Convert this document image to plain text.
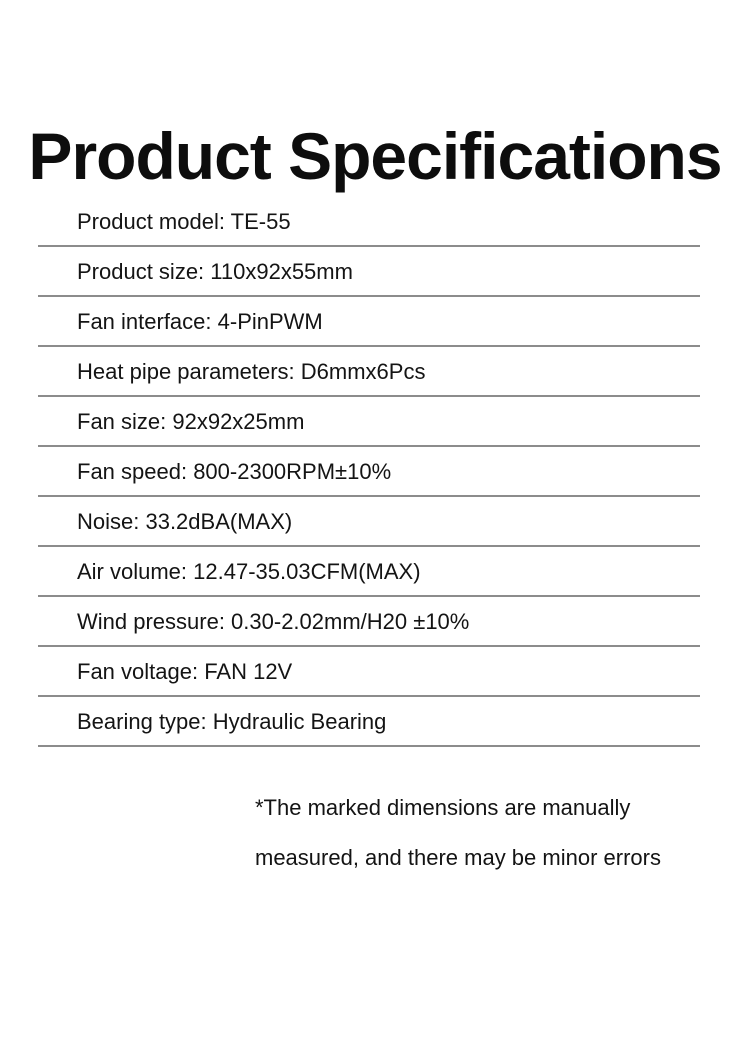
Product Specifications
Product model: TE-55
Product size: 110x92x55mm
Fan interface: 4-PinPWM
Heat pipe parameters: D6mmx6Pcs
Fan size: 92x92x25mm
Fan speed: 800-2300RPM±10%
Noise: 33.2dBA(MAX)
Air volume: 12.47-35.03CFM(MAX)
Wind pressure: 0.30-2.02mm/H20 ±10%
Fan voltage: FAN 12V
Bearing type: Hydraulic Bearing
*The marked dimensions are manually
measured, and there may be minor errors
